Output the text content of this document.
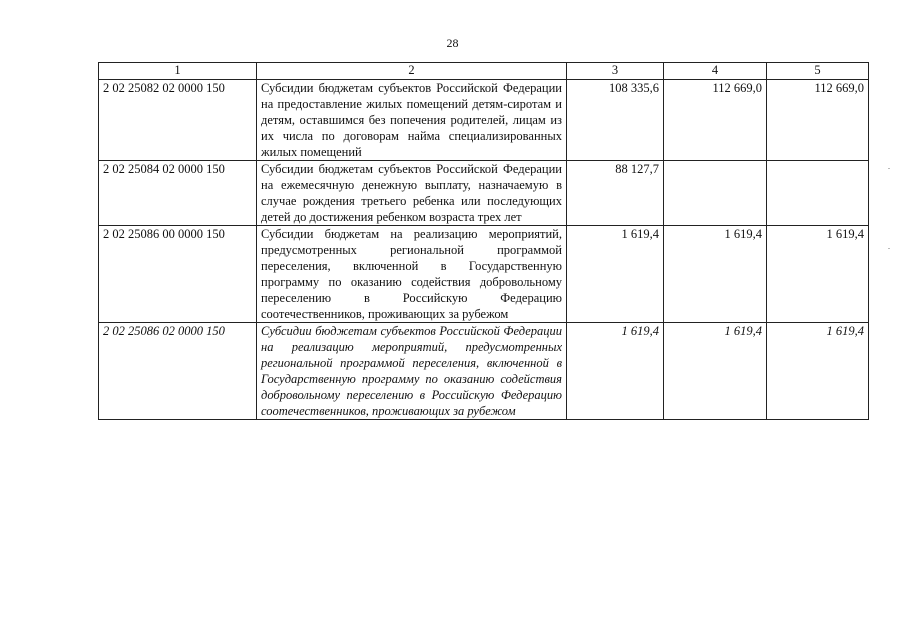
28
1	2	3	4	5
2 02 25082 02 0000 150	Субсидии бюджетам субъектов Российской Федерации на предоставление жилых помещений детям-сиротам и детям, оставшимся без попечения родителей, лицам из их числа по договорам найма специализированных жилых помещений	108 335,6	112 669,0	112 669,0
2 02 25084 02 0000 150	Субсидии бюджетам субъектов Российской Федерации на ежемесячную денежную выплату, назначаемую в случае рождения третьего ребенка или последующих детей до достижения ребенком возраста трех лет	88 127,7		
2 02 25086 00 0000 150	Субсидии бюджетам на реализацию мероприятий, предусмотренных региональной программой переселения, включенной в Государственную программу по оказанию содействия добровольному переселению в Российскую Федерацию соотечественников, проживающих за рубежом	1 619,4	1 619,4	1 619,4
2 02 25086 02 0000 150	Субсидии бюджетам субъектов Российской Федерации на реализацию мероприятий, предусмотренных региональной программой переселения, включенной в Государственную программу по оказанию содействия добровольному переселению в Российскую Федерацию соотечественников, проживающих за рубежом	1 619,4	1 619,4	1 619,4
